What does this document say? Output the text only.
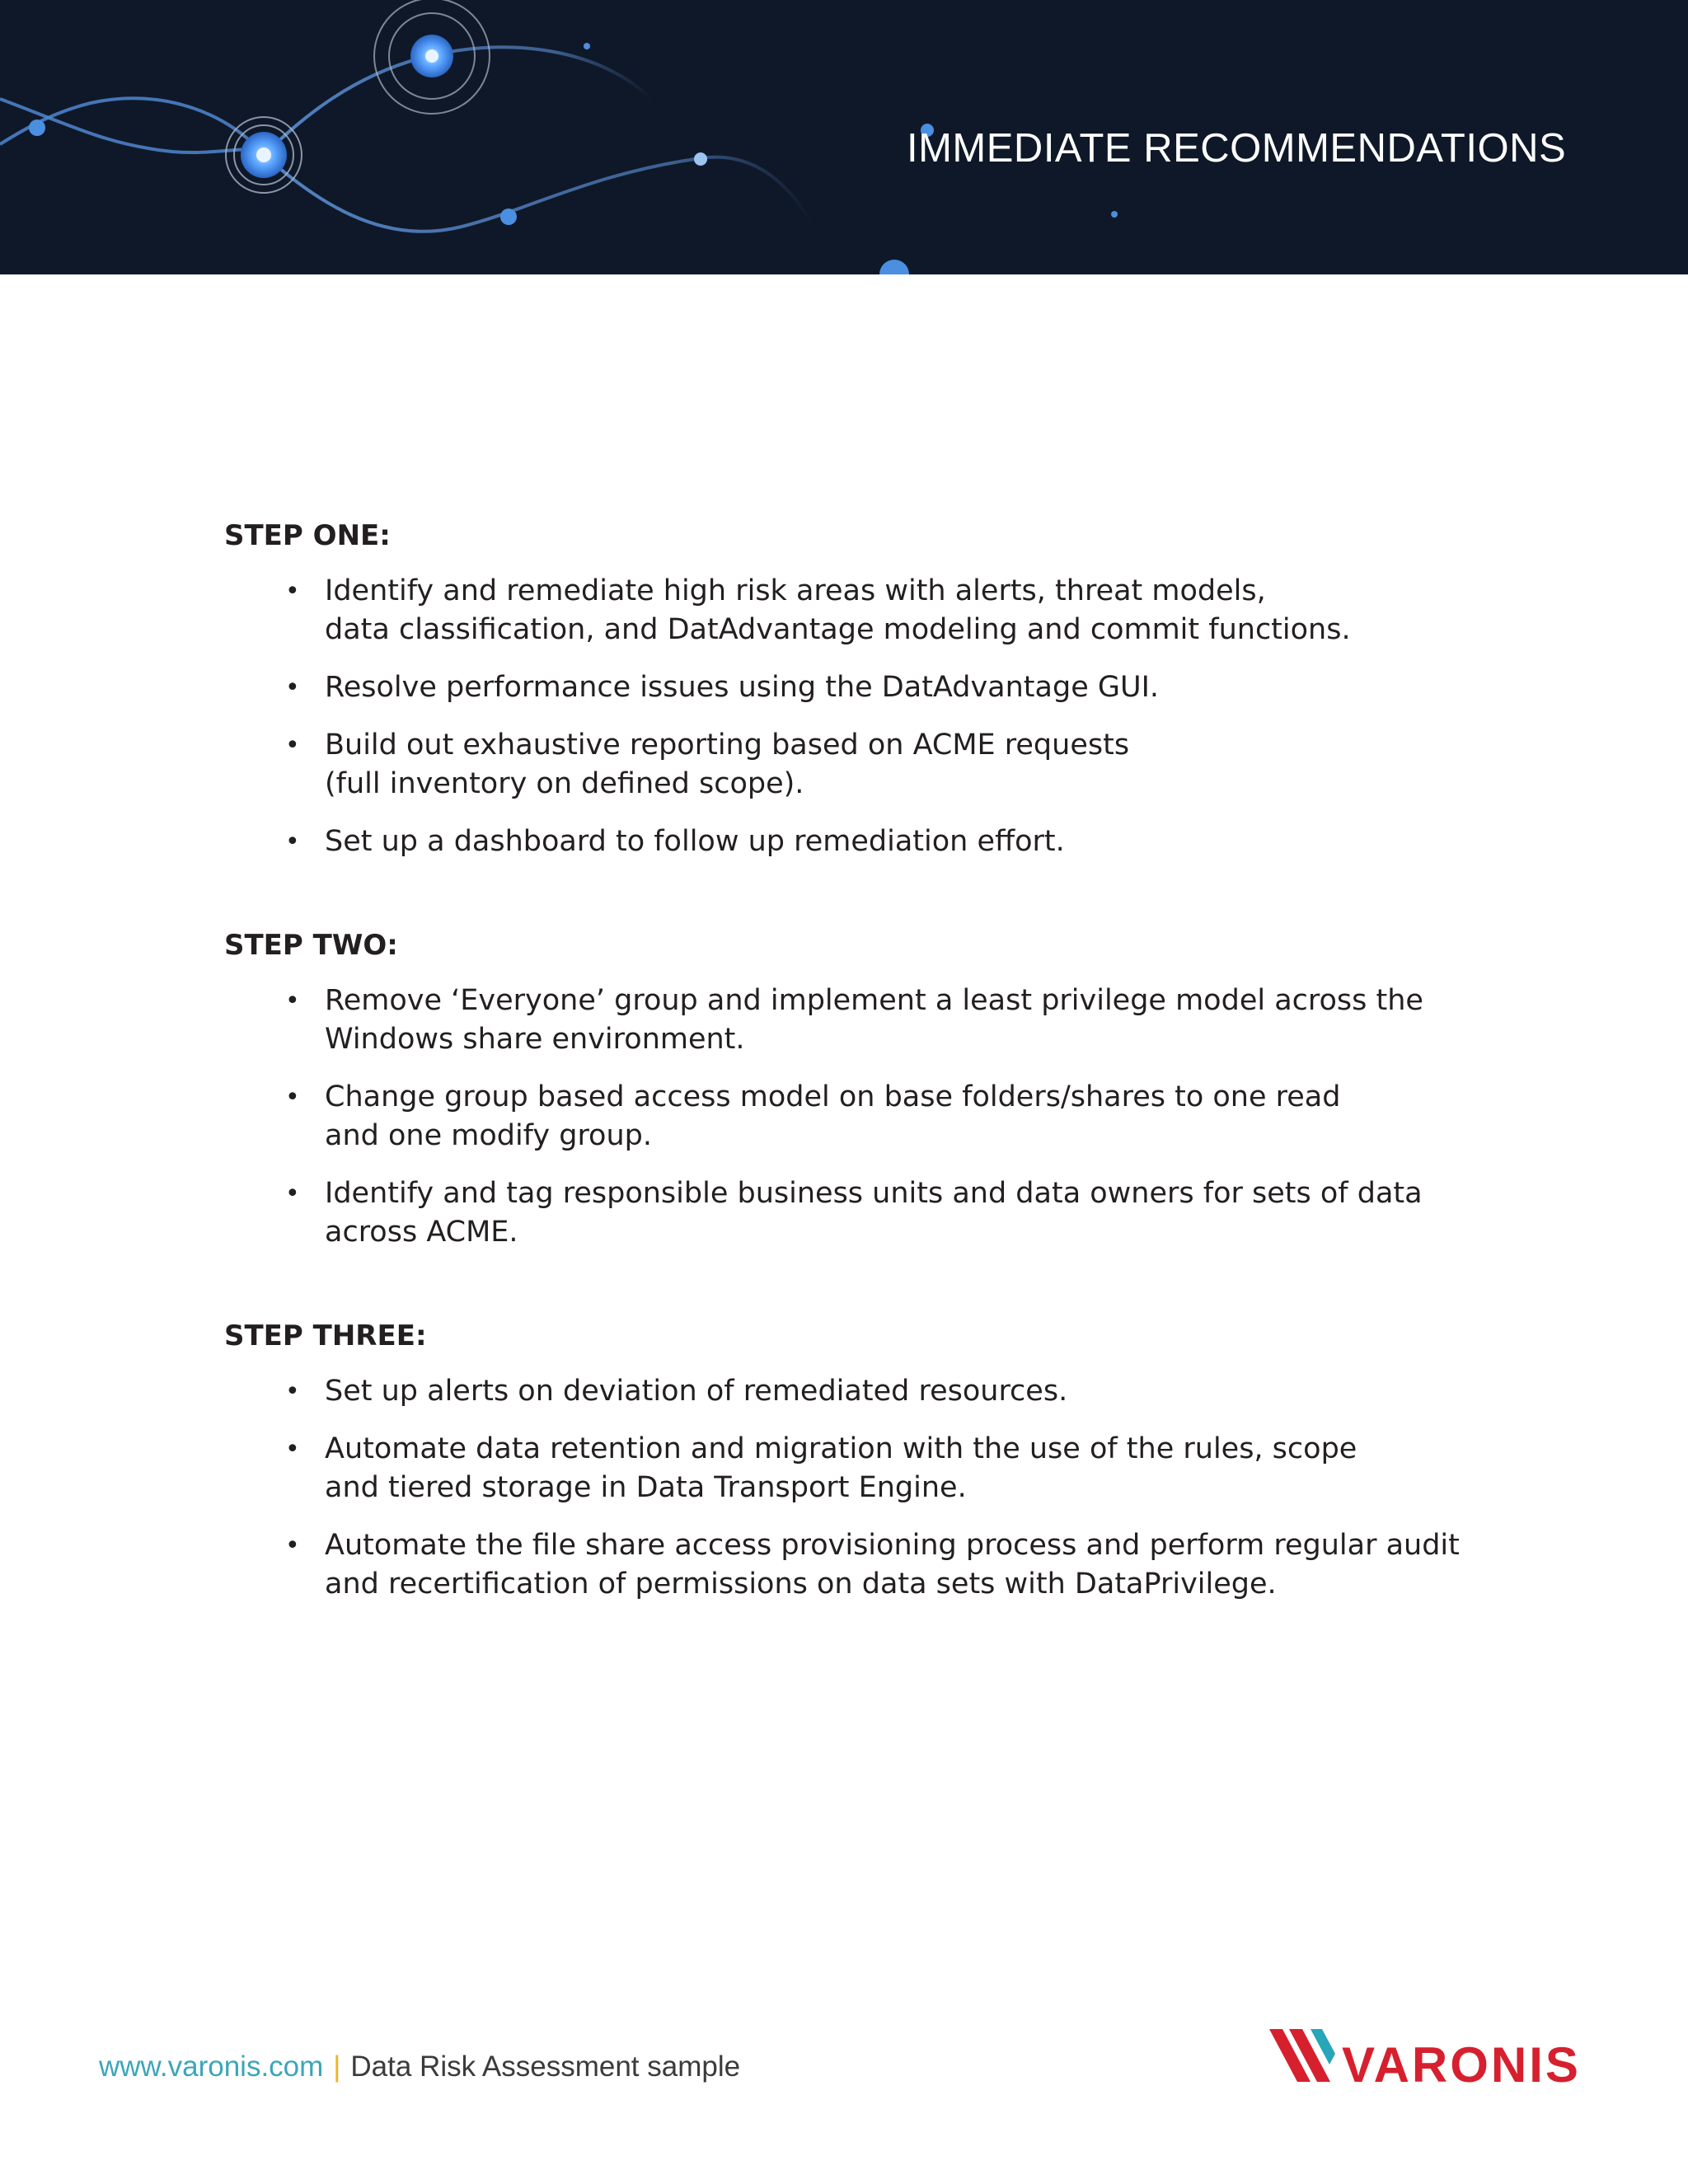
IMMEDIATE RECOMMENDATIONS
STEP ONE:
• Identify and remediate high risk areas with alerts, threat models,
data classification, and DatAdvantage modeling and commit functions.
• Resolve performance issues using the DatAdvantage GUI.
• Build out exhaustive reporting based on ACME requests
(full inventory on defined scope).
• Set up a dashboard to follow up remediation effort.
STEP TWO:
• Remove ‘Everyone’ group and implement a least privilege model across the
Windows share environment.
• Change group based access model on base folders/shares to one read
and one modify group.
• Identify and tag responsible business units and data owners for sets of data
across ACME.
STEP THREE:
• Set up alerts on deviation of remediated resources.
• Automate data retention and migration with the use of the rules, scope
and tiered storage in Data Transport Engine.
• Automate the file share access provisioning process and perform regular audit
and recertification of permissions on data sets with DataPrivilege.
www.varonis.com | Data Risk Assessment sample	VARONIS
